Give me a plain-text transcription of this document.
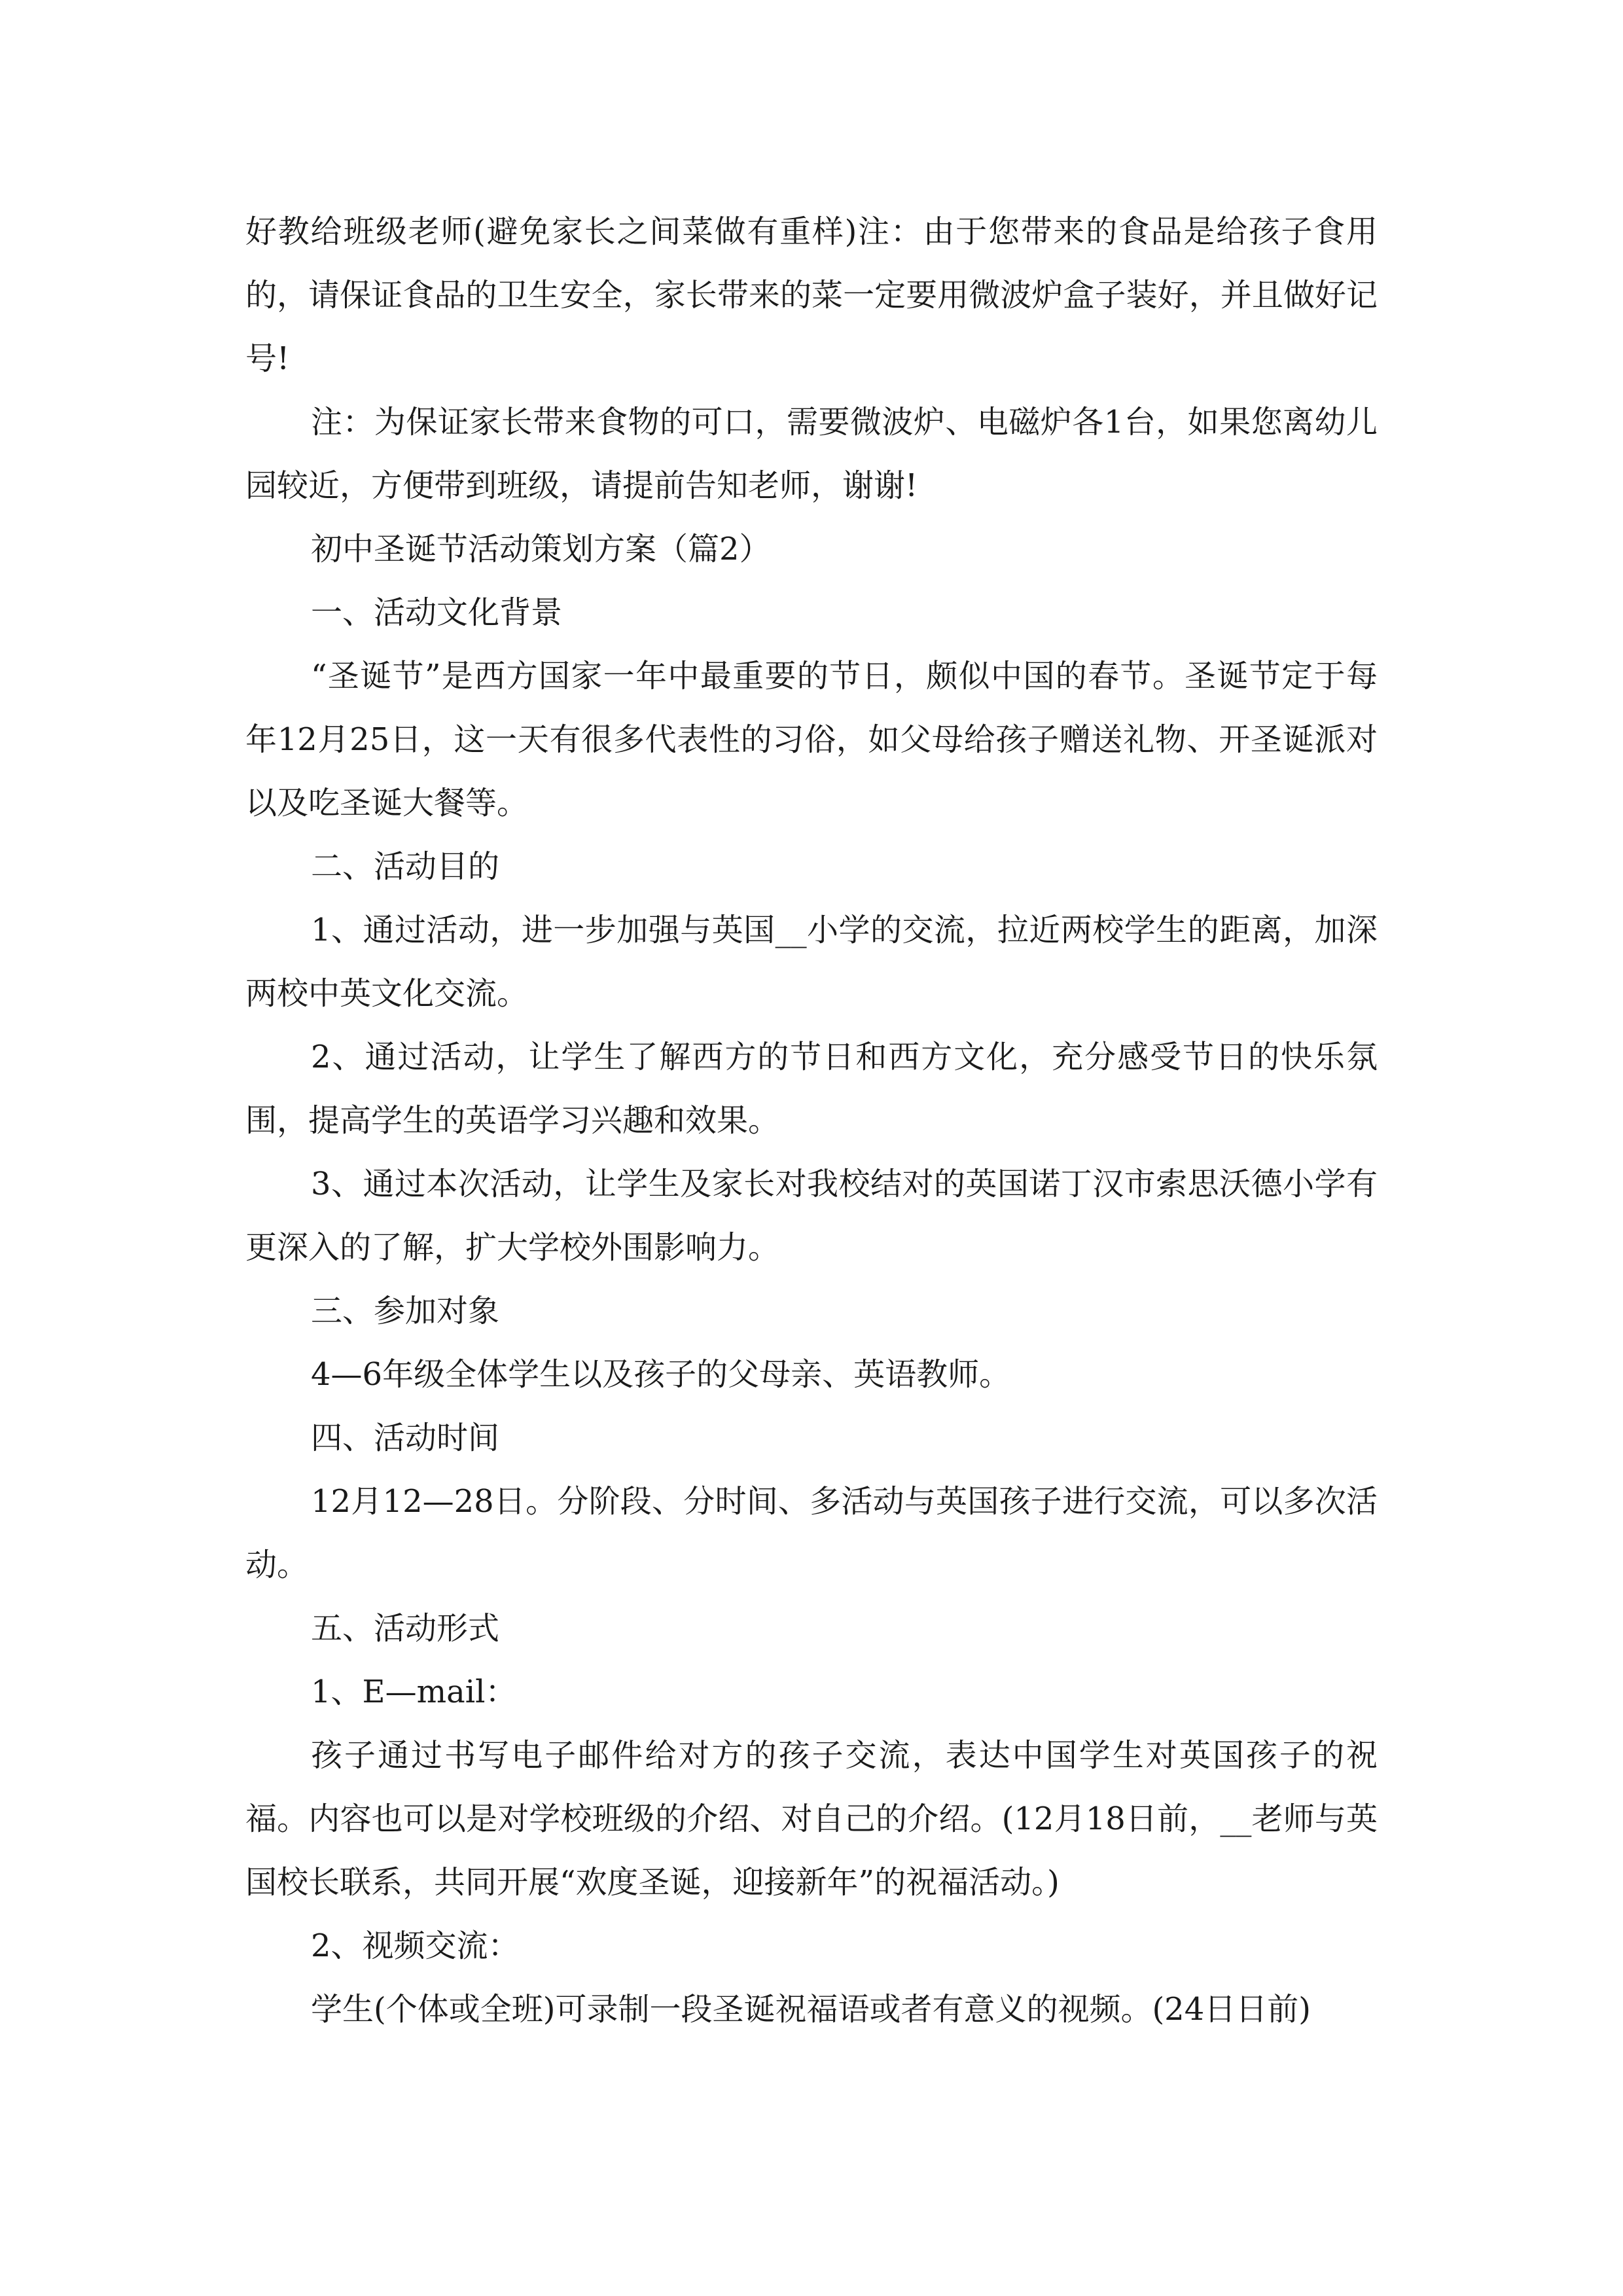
好教给班级老师(避免家长之间菜做有重样)注：由于您带来的食品是给孩子食用的，请保证食品的卫生安全，家长带来的菜一定要用微波炉盒子装好，并且做好记号!

注：为保证家长带来食物的可口，需要微波炉、电磁炉各1台，如果您离幼儿园较近，方便带到班级，请提前告知老师，谢谢!

初中圣诞节活动策划方案（篇2）

一、活动文化背景

“圣诞节”是西方国家一年中最重要的节日，颇似中国的春节。圣诞节定于每年12月25日，这一天有很多代表性的习俗，如父母给孩子赠送礼物、开圣诞派对以及吃圣诞大餐等。

二、活动目的

1、通过活动，进一步加强与英国__小学的交流，拉近两校学生的距离，加深两校中英文化交流。

2、通过活动，让学生了解西方的节日和西方文化，充分感受节日的快乐氛围，提高学生的英语学习兴趣和效果。

3、通过本次活动，让学生及家长对我校结对的英国诺丁汉市索思沃德小学有更深入的了解，扩大学校外围影响力。

三、参加对象

4—6年级全体学生以及孩子的父母亲、英语教师。

四、活动时间

12月12—28日。分阶段、分时间、多活动与英国孩子进行交流，可以多次活动。

五、活动形式

1、E—mail：

孩子通过书写电子邮件给对方的孩子交流，表达中国学生对英国孩子的祝福。内容也可以是对学校班级的介绍、对自己的介绍。(12月18日前，__老师与英国校长联系，共同开展“欢度圣诞，迎接新年”的祝福活动。)

2、视频交流：

学生(个体或全班)可录制一段圣诞祝福语或者有意义的视频。(24日日前)
